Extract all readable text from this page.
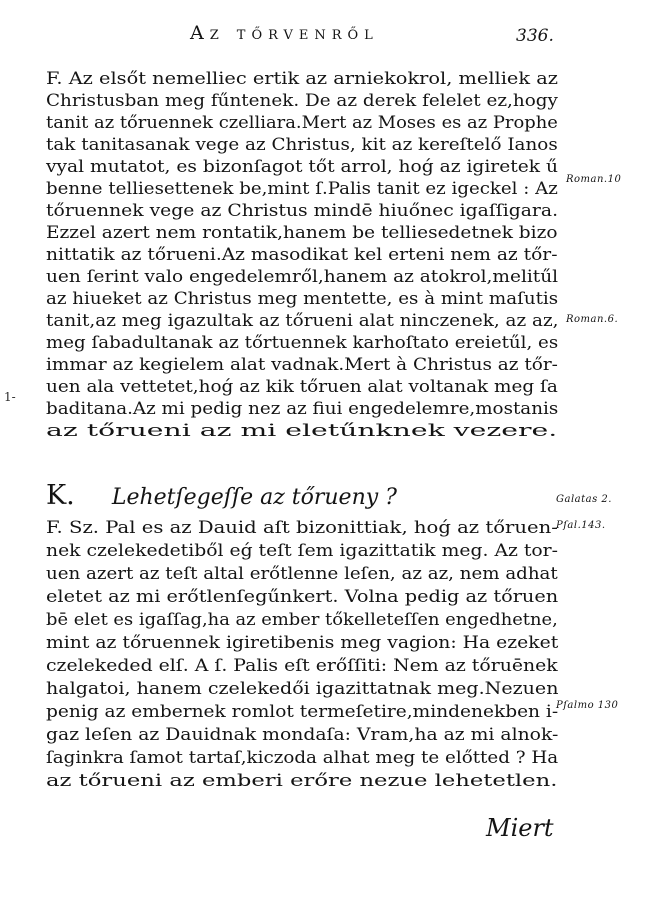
Az tőrvenről	336.
1-
F. Az elsőt nemelliec ertik az arniekokrol, melliek az
Christusban meg fűntenek. De az derek felelet ez,hogy
tanit az tőruennek czelliara.Mert az Moses es az Prophe
tak tanitasanak vege az Christus, kit az kereſtelő Ianos
vyal mutatot, es bizonſagot tőt arrol, hoǵ az igiretek ű
benne telliesettenek be,mint ſ.Palis tanit ez igeckel : Az
tőruennek vege az Christus mindē hiuőnec igaſſigara.
Ezzel azert nem rontatik,hanem be telliesedetnek bizo
nittatik az tőrueni.Az masodikat kel erteni nem az tőr-
uen ſerint valo engedelemről,hanem az atokrol,melitűl
az hiueket az Christus meg mentette, es à mint maſutis
tanit,az meg igazultak az tőrueni alat ninczenek, az az,
meg ſabadultanak az tőrtuennek karhoſtato ereietűl, es
immar az kegielem alat vadnak.Mert à Christus az tőr-
uen ala vettetet,hoǵ az kik tőruen alat voltanak meg ſa
baditana.Az mi pedig nez az fiui engedelemre,mostanis
az tőrueni az mi eletűnknek vezere.
K. Lehetſegeſſe az tőrueny ?
F. Sz. Pal es az Dauid aſt bizonittiak, hoǵ az tőruen-
nek czelekedetiből eǵ teſt ſem igazittatik meg. Az tor-
uen azert az teſt altal erőtlenne leſen, az az, nem adhat
eletet az mi erőtlenſegűnkert. Volna pedig az tőruen
bē elet es igaſſag,ha az ember tőkelleteſſen engedhetne,
mint az tőruennek igiretibenis meg vagion: Ha ezeket
czelekeded elſ. A ſ. Palis eſt erőſſiti: Nem az tőruēnek
halgatoi, hanem czelekedői igazittatnak meg.Nezuen
penig az embernek romlot termeſetire,mindenekben i-
gaz leſen az Dauidnak mondaſa: Vram,ha az mi alnok-
ſaginkra ſamot tartaſ,kiczoda alhat meg te előtted ? Ha
az tőrueni az emberi erőre nezue lehetetlen.
Roman.10
Roman.6.
Galatas 2.
Pſal.143.
Pſalmo 130
Miert
